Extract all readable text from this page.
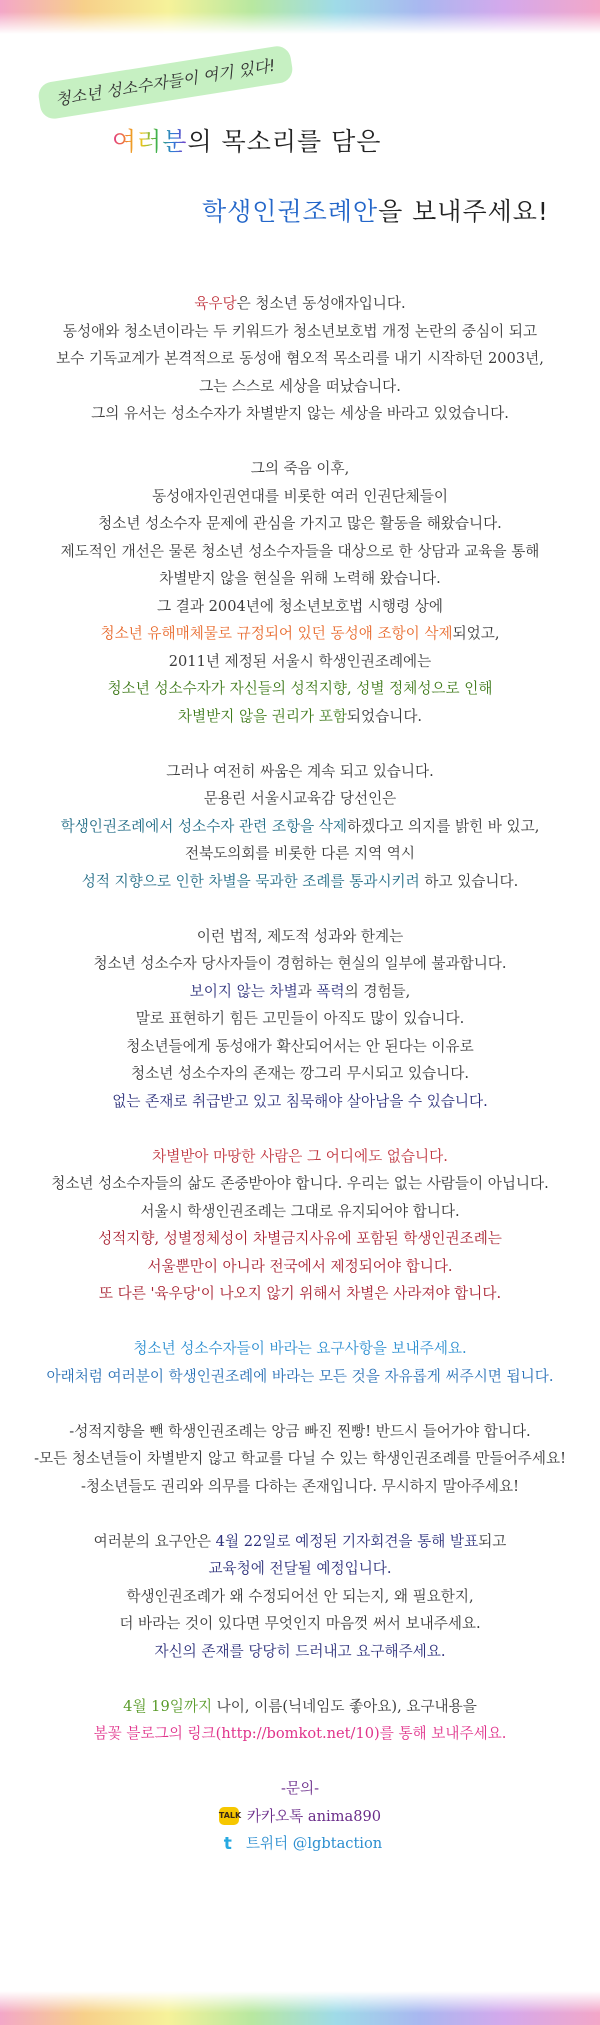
청소년 성소수자들이 여기 있다!
여러분의 목소리를 담은
학생인권조례안을 보내주세요!

육우당은 청소년 동성애자입니다.

동성애와 청소년이라는 두 키워드가 청소년보호법 개정 논란의 중심이 되고

보수 기독교계가 본격적으로 동성애 혐오적 목소리를 내기 시작하던 2003년,

그는 스스로 세상을 떠났습니다.

그의 유서는 성소수자가 차별받지 않는 세상을 바라고 있었습니다.

그의 죽음 이후,

동성애자인권연대를 비롯한 여러 인권단체들이

청소년 성소수자 문제에 관심을 가지고 많은 활동을 해왔습니다.

제도적인 개선은 물론 청소년 성소수자들을 대상으로 한 상담과 교육을 통해

차별받지 않을 현실을 위해 노력해 왔습니다.

그 결과 2004년에 청소년보호법 시행령 상에

청소년 유해매체물로 규정되어 있던 동성애 조항이 삭제되었고,

2011년 제정된 서울시 학생인권조례에는

청소년 성소수자가 자신들의 성적지향, 성별 정체성으로 인해

차별받지 않을 권리가 포함되었습니다.

그러나 여전히 싸움은 계속 되고 있습니다.

문용린 서울시교육감 당선인은

학생인권조례에서 성소수자 관련 조항을 삭제하겠다고 의지를 밝힌 바 있고,

전북도의회를 비롯한 다른 지역 역시

성적 지향으로 인한 차별을 묵과한 조례를 통과시키려 하고 있습니다.

이런 법적, 제도적 성과와 한계는

청소년 성소수자 당사자들이 경험하는 현실의 일부에 불과합니다.

보이지 않는 차별과 폭력의 경험들,

말로 표현하기 힘든 고민들이 아직도 많이 있습니다.

청소년들에게 동성애가 확산되어서는 안 된다는 이유로

청소년 성소수자의 존재는 깡그리 무시되고 있습니다.

없는 존재로 취급받고 있고 침묵해야 살아남을 수 있습니다.

차별받아 마땅한 사람은 그 어디에도 없습니다.

청소년 성소수자들의 삶도 존중받아야 합니다. 우리는 없는 사람들이 아닙니다.

서울시 학생인권조례는 그대로 유지되어야 합니다.

성적지향, 성별정체성이 차별금지사유에 포함된 학생인권조례는

서울뿐만이 아니라 전국에서 제정되어야 합니다.

또 다른 '육우당'이 나오지 않기 위해서 차별은 사라져야 합니다.

청소년 성소수자들이 바라는 요구사항을 보내주세요.

아래처럼 여러분이 학생인권조례에 바라는 모든 것을 자유롭게 써주시면 됩니다.

-성적지향을 뺀 학생인권조례는 앙금 빠진 찐빵! 반드시 들어가야 합니다.

-모든 청소년들이 차별받지 않고 학교를 다닐 수 있는 학생인권조례를 만들어주세요!

-청소년들도 권리와 의무를 다하는 존재입니다. 무시하지 말아주세요!

여러분의 요구안은 4월 22일로 예정된 기자회견을 통해 발표되고

교육청에 전달될 예정입니다.

학생인권조례가 왜 수정되어선 안 되는지, 왜 필요한지,

더 바라는 것이 있다면 무엇인지 마음껏 써서 보내주세요.

자신의 존재를 당당히 드러내고 요구해주세요.

4월 19일까지 나이, 이름(닉네임도 좋아요), 요구내용을

봄꽃 블로그의 링크(http://bomkot.net/10)를 통해 보내주세요.

-문의-

TALK 카카오톡 anima890
t 트위터 @lgbtaction
